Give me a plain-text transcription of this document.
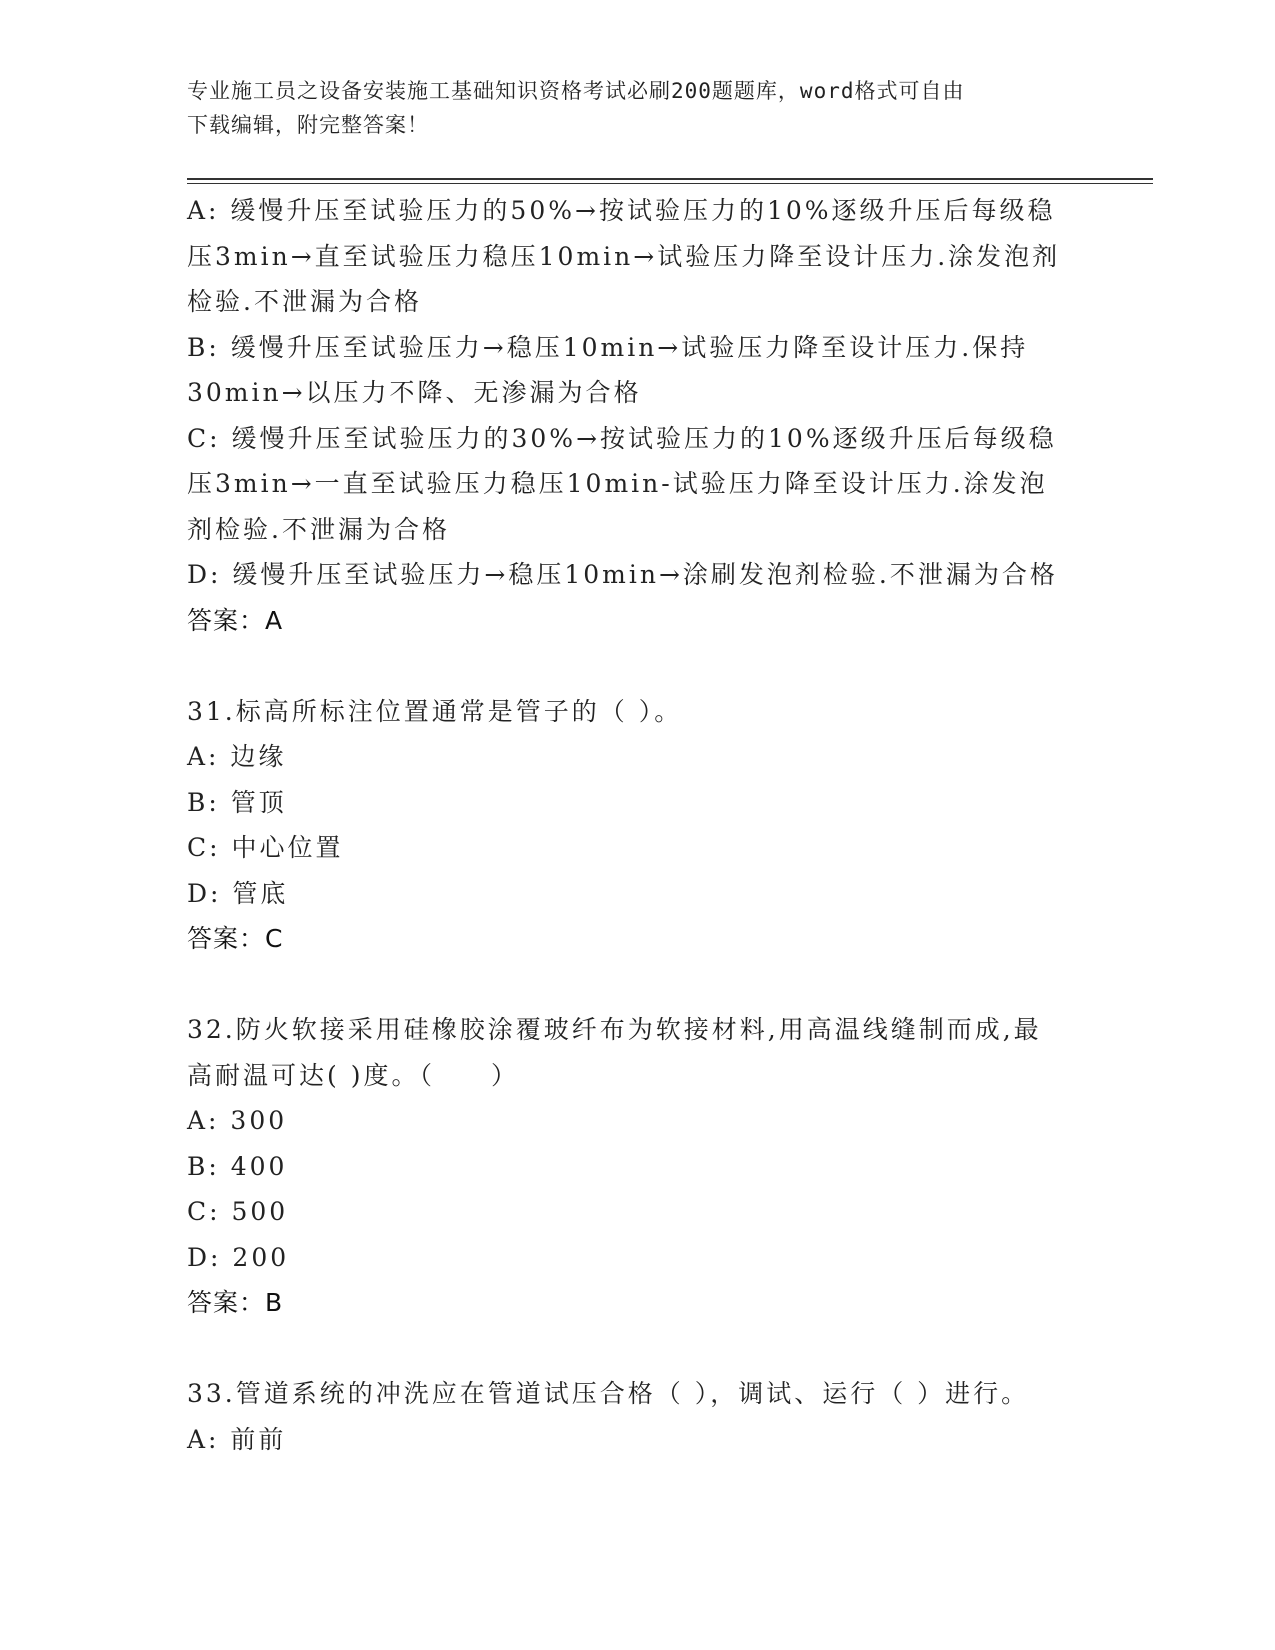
专业施工员之设备安装施工基础知识资格考试必刷200题题库，word格式可自由
下载编辑，附完整答案！
A: 缓慢升压至试验压力的50%→按试验压力的10%逐级升压后每级稳
压3min→直至试验压力稳压10min→试验压力降至设计压力.涂发泡剂
检验.不泄漏为合格
B: 缓慢升压至试验压力→稳压10min→试验压力降至设计压力.保持
30min→以压力不降、无渗漏为合格
C: 缓慢升压至试验压力的30%→按试验压力的10%逐级升压后每级稳
压3min→一直至试验压力稳压10min-试验压力降至设计压力.涂发泡
剂检验.不泄漏为合格
D: 缓慢升压至试验压力→稳压10min→涂刷发泡剂检验.不泄漏为合格
答案：A
31.标高所标注位置通常是管子的（ ）。
A: 边缘
B: 管顶
C: 中心位置
D: 管底
答案：C
32.防火软接采用硅橡胶涂覆玻纤布为软接材料,用高温线缝制而成,最
高耐温可达( )度。（　　）
A: 300
B: 400
C: 500
D: 200
答案：B
33.管道系统的冲洗应在管道试压合格（ ），调试、运行（ ）进行。
A: 前前
